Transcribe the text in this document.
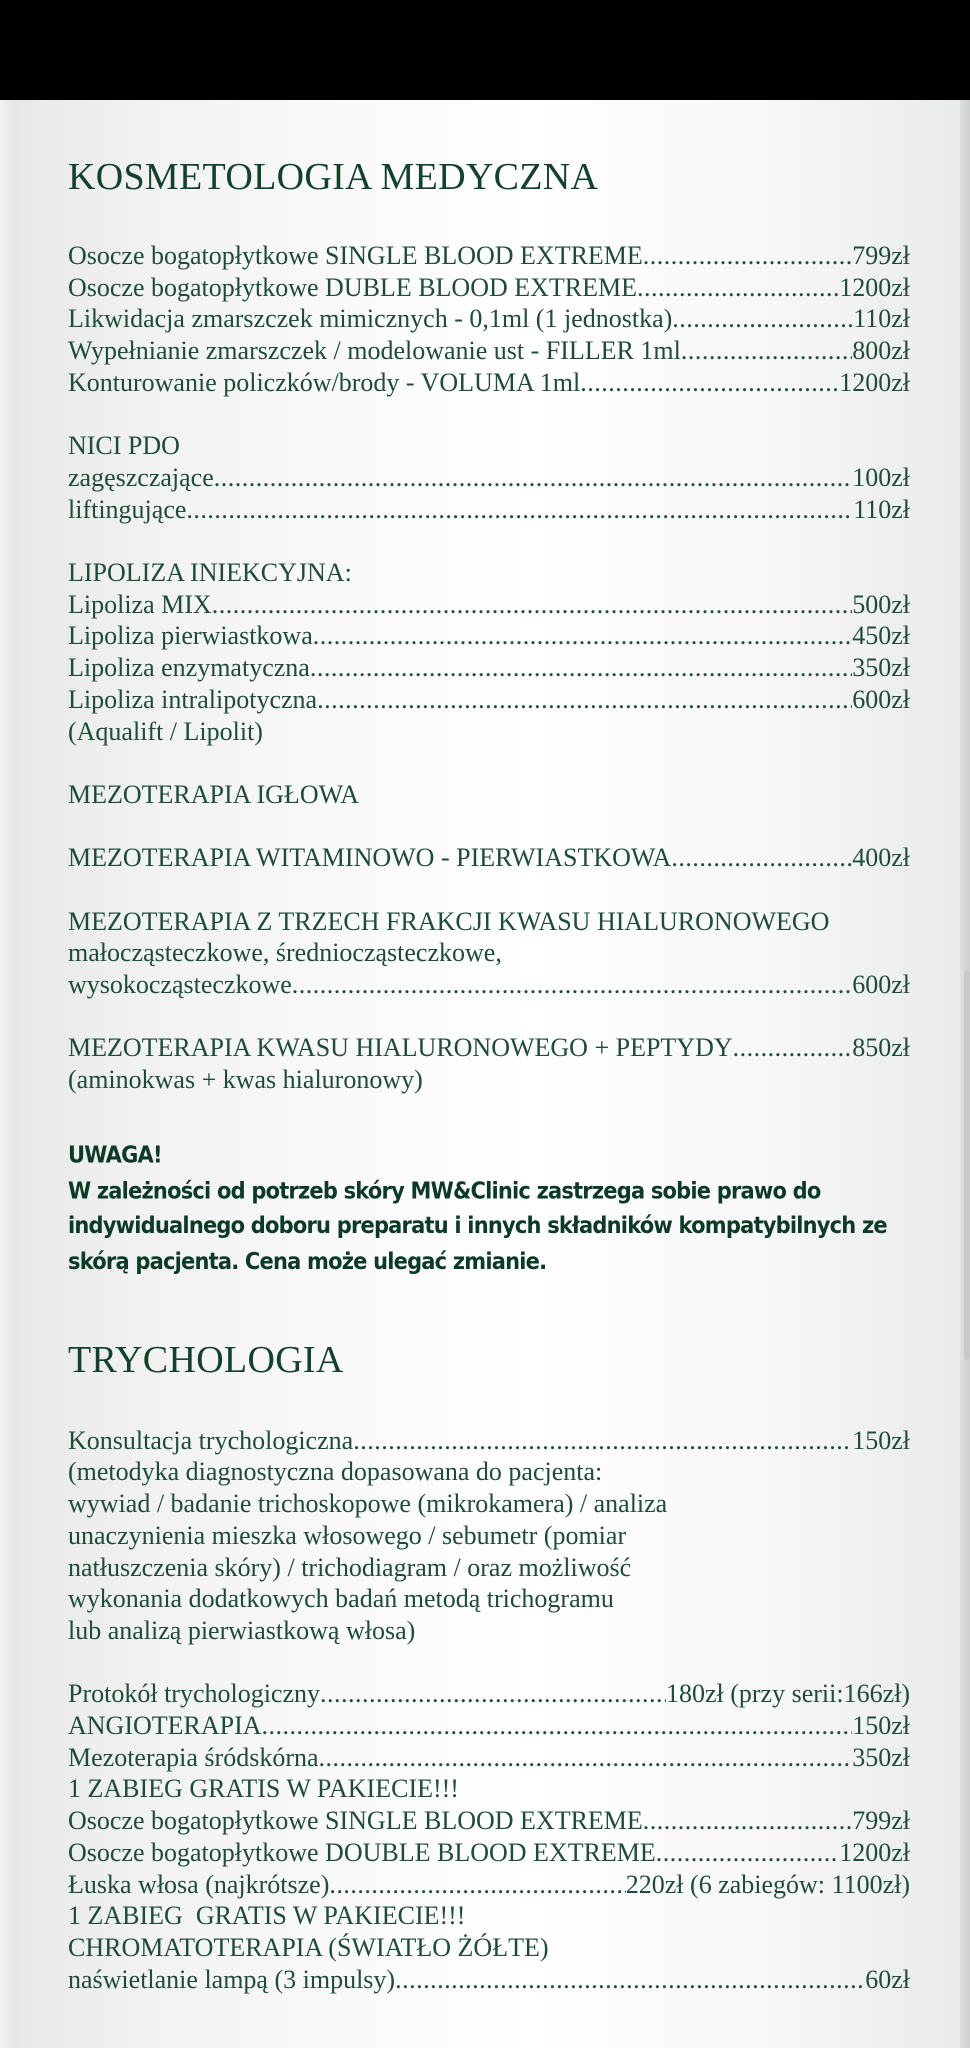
KOSMETOLOGIA MEDYCZNA
Osocze bogatopłytkowe SINGLE BLOOD EXTREME .....	799zł
Osocze bogatopłytkowe DUBLE BLOOD EXTREME .....	1200zł
Likwidacja zmarszczek mimicznych - 0,1ml (1 jednostka) .....	110zł
Wypełnianie zmarszczek / modelowanie ust - FILLER 1ml .....	800zł
Konturowanie policzków/brody - VOLUMA 1ml .....	1200zł
NICI PDO
zagęszczające .....	100zł
liftingujące .....	110zł
LIPOLIZA INIEKCYJNA:
Lipoliza MIX .....	500zł
Lipoliza pierwiastkowa .....	450zł
Lipoliza enzymatyczna .....	350zł
Lipoliza intralipotyczna .....	600zł
(Aqualift / Lipolit)
MEZOTERAPIA IGŁOWA
MEZOTERAPIA WITAMINOWO - PIERWIASTKOWA .....	400zł
MEZOTERAPIA Z TRZECH FRAKCJI KWASU HIALURONOWEGO
małocząsteczkowe, średniocząsteczkowe,
wysokocząsteczkowe .....	600zł
MEZOTERAPIA KWASU HIALURONOWEGO + PEPTYDY .....	850zł
(aminokwas + kwas hialuronowy)
UWAGA!
W zależności od potrzeb skóry MW&Clinic zastrzega sobie prawo do
indywidualnego doboru preparatu i innych składników kompatybilnych ze
skórą pacjenta. Cena może ulegać zmianie.
TRYCHOLOGIA
Konsultacja trychologiczna .....	150zł
(metodyka diagnostyczna dopasowana do pacjenta:
wywiad / badanie trichoskopowe (mikrokamera) / analiza
unaczynienia mieszka włosowego / sebumetr (pomiar
natłuszczenia skóry) / trichodiagram / oraz możliwość
wykonania dodatkowych badań metodą trichogramu
lub analizą pierwiastkową włosa)
Protokół trychologiczny .....	180zł (przy serii:166zł)
ANGIOTERAPIA .....	150zł
Mezoterapia śródskórna .....	350zł
1 ZABIEG GRATIS W PAKIECIE!!!
Osocze bogatopłytkowe SINGLE BLOOD EXTREME .....	799zł
Osocze bogatopłytkowe DOUBLE BLOOD EXTREME .....	1200zł
Łuska włosa (najkrótsze) .....	220zł (6 zabiegów: 1100zł)
1 ZABIEG  GRATIS W PAKIECIE!!!
CHROMATOTERAPIA (ŚWIATŁO ŻÓŁTE)
naświetlanie lampą (3 impulsy) .....	60zł
